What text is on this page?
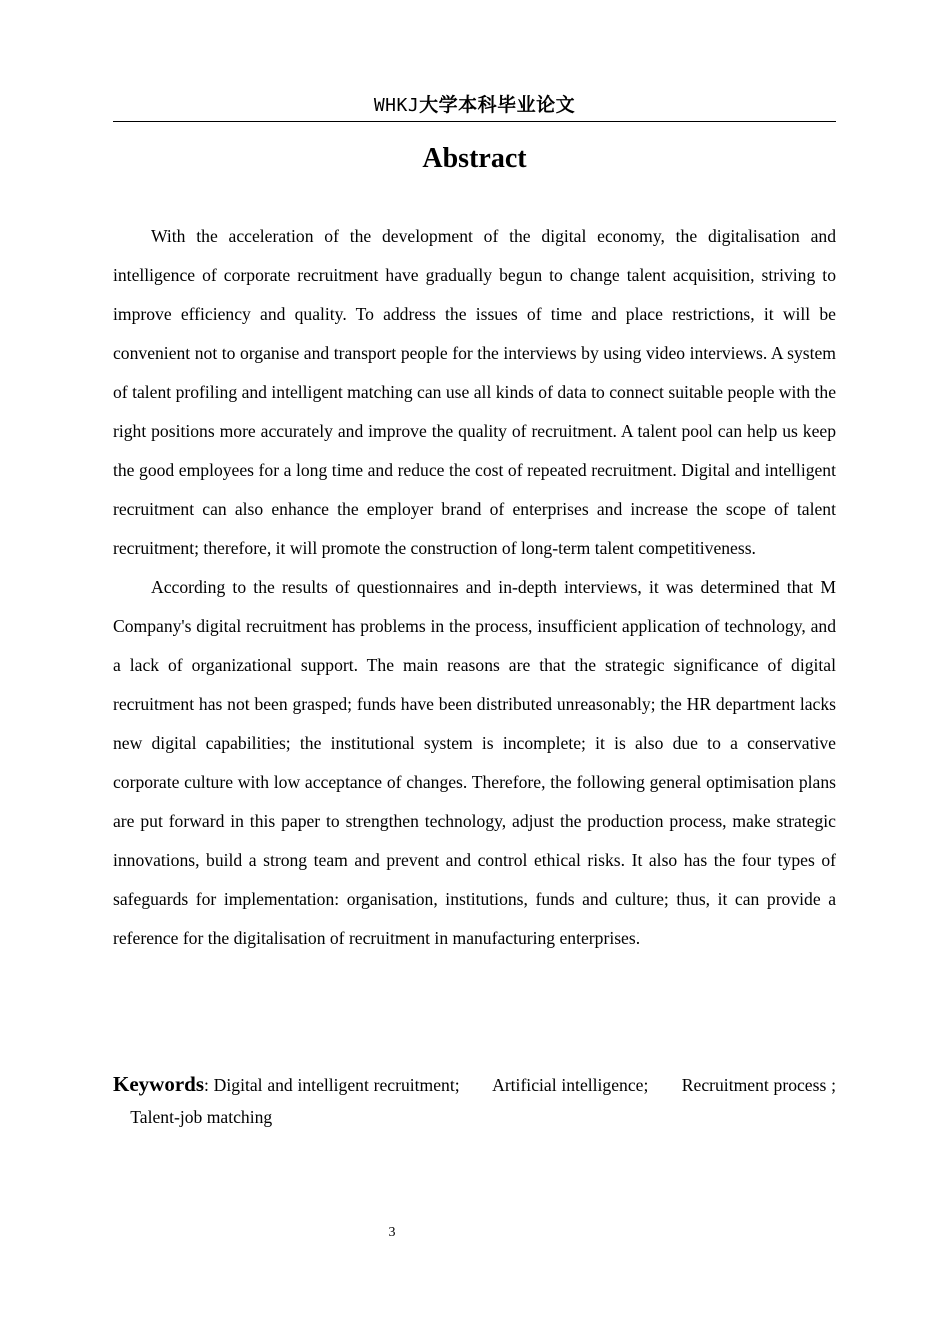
WHKJ大学本科毕业论文
Abstract

With the acceleration of the development of the digital economy, the digitalisation and intelligence of corporate recruitment have gradually begun to change talent acquisition, striving to improve efficiency and quality. To address the issues of time and place restrictions, it will be convenient not to organise and transport people for the interviews by using video interviews. A system of talent profiling and intelligent matching can use all kinds of data to connect suitable people with the right positions more accurately and improve the quality of recruitment. A talent pool can help us keep the good employees for a long time and reduce the cost of repeated recruitment. Digital and intelligent recruitment can also enhance the employer brand of enterprises and increase the scope of talent recruitment; therefore, it will promote the construction of long-term talent competitiveness.

According to the results of questionnaires and in-depth interviews, it was determined that M Company's digital recruitment has problems in the process, insufficient application of technology, and a lack of organizational support. The main reasons are that the strategic significance of digital recruitment has not been grasped; funds have been distributed unreasonably; the HR department lacks new digital capabilities; the institutional system is incomplete; it is also due to a conservative corporate culture with low acceptance of changes. Therefore, the following general optimisation plans are put forward in this paper to strengthen technology, adjust the production process, make strategic innovations, build a strong team and prevent and control ethical risks. It also has the four types of safeguards for implementation: organisation, institutions, funds and culture; thus, it can provide a reference for the digitalisation of recruitment in manufacturing enterprises.

Keywords: Digital and intelligent recruitment; Artificial intelligence; Recruitment process ;    Talent-job matching

3
